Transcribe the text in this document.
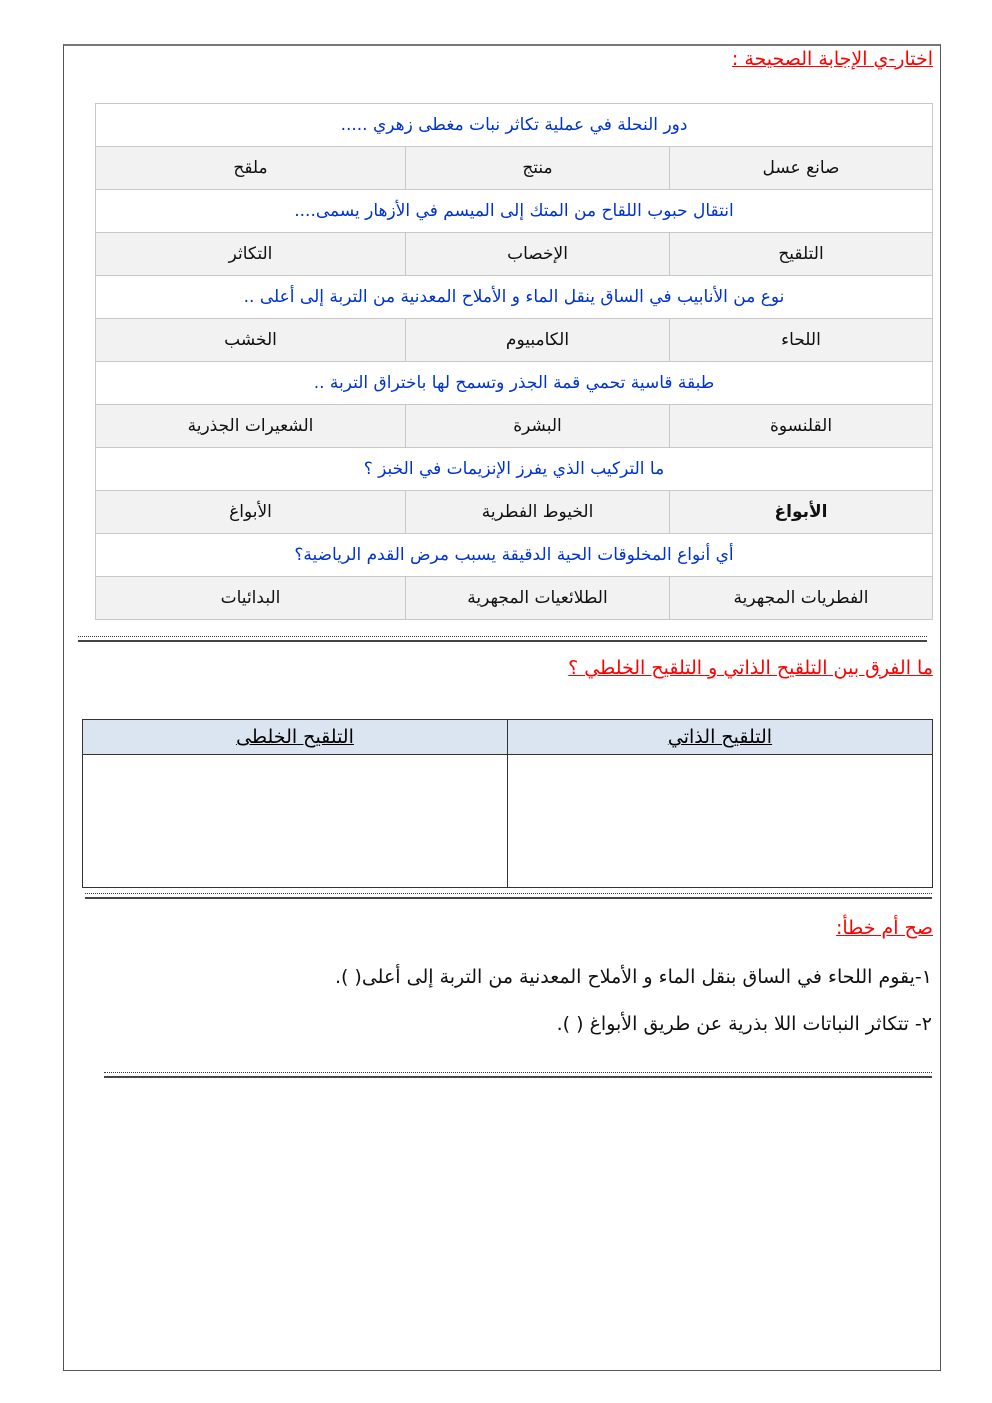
اختار-ي الإجابة الصحيحة :
دور النحلة في عملية تكاثر نبات مغطى زهري .....		
صانع عسل	منتج	ملقح
انتقال حبوب اللقاح من المتك إلى الميسم في الأزهار يسمى....		
التلقيح	الإخصاب	التكاثر
نوع من الأنابيب في الساق ينقل الماء و الأملاح المعدنية من التربة إلى أعلى ..		
اللحاء	الكامبيوم	الخشب
طبقة قاسية تحمي قمة الجذر وتسمح لها باختراق التربة ..		
القلنسوة	البشرة	الشعيرات الجذرية
ما التركيب الذي يفرز الإنزيمات في الخبز ؟		
الأبواغ	الخيوط الفطرية	الأبواغ
أي أنواع المخلوقات الحية الدقيقة يسبب مرض القدم الرياضية؟		
الفطريات المجهرية	الطلائعيات المجهرية	البدائيات
ما الفرق بين التلقيح الذاتي و التلقيح الخلطي ؟
التلقيح الذاتي	التلقيح الخلطى

صح أم خطأ:
١-يقوم اللحاء في الساق بنقل الماء و الأملاح المعدنية من التربة إلى أعلى( ).
٢- تتكاثر النباتات اللا بذرية عن طريق الأبواغ ( ).
